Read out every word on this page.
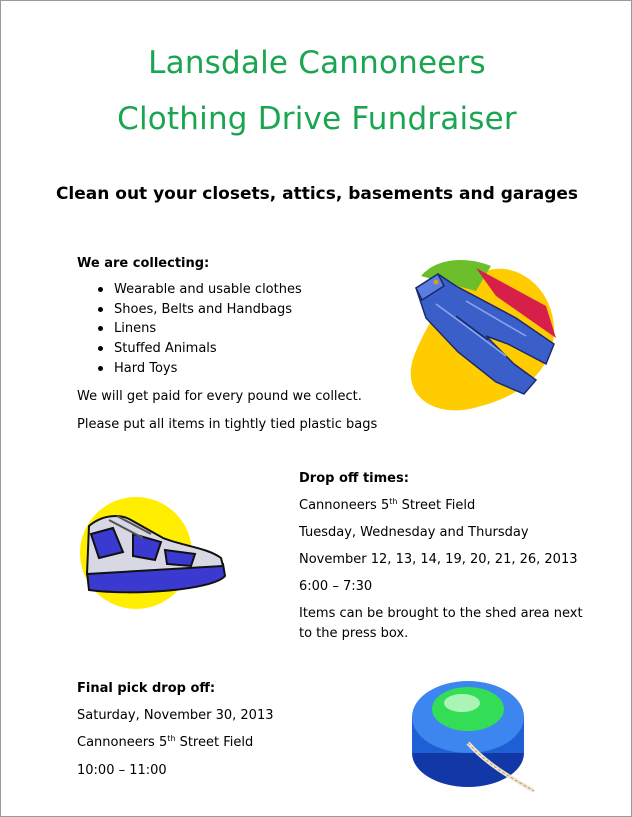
Lansdale Cannoneers
Clothing Drive Fundraiser
Clean out your closets, attics, basements and garages
We are collecting:
Wearable and usable clothes
Shoes, Belts and Handbags
Linens
Stuffed Animals
Hard Toys
We will get paid for every pound we collect.
Please put all items in tightly tied plastic bags
Drop off times:
Cannoneers 5th Street Field
Tuesday, Wednesday and Thursday
November 12, 13, 14, 19, 20, 21, 26, 2013
6:00 – 7:30
Items can be brought to the shed area next
to the press box.
Final pick drop off:
Saturday, November 30, 2013
Cannoneers 5th Street Field
10:00 – 11:00
